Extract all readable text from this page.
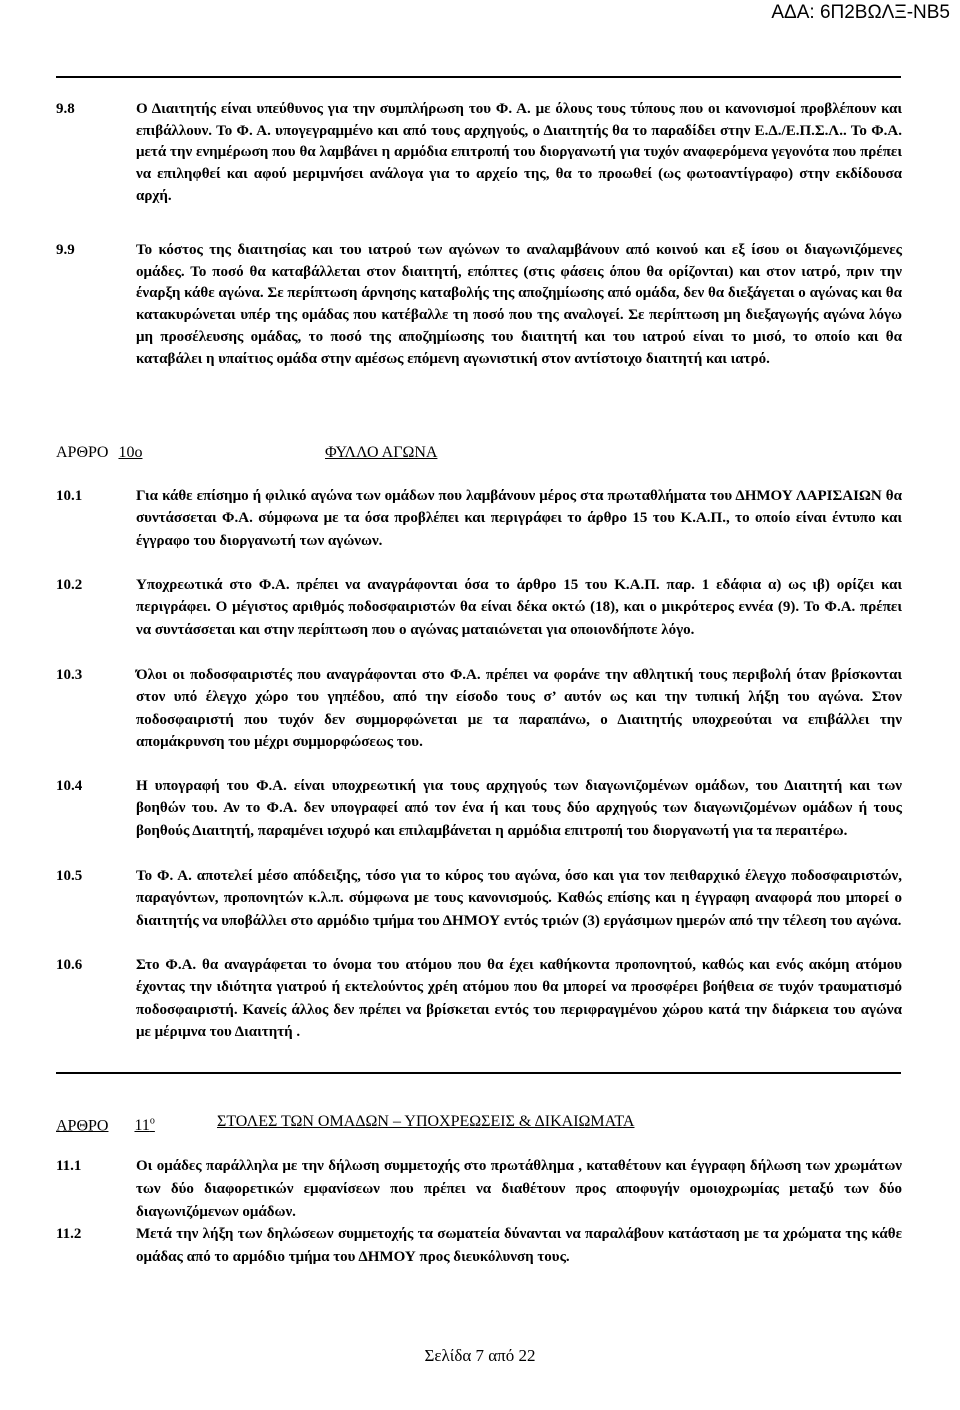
ΑΔΑ: 6Π2ΒΩΛΞ-ΝΒ5
9.8	Ο Διαιτητής είναι υπεύθυνος για την συμπλήρωση του Φ. Α. με όλους τους τύπους που οι κανονισμοί προβλέπουν και επιβάλλουν. Το Φ. Α. υπογεγραμμένο και από τους αρχηγούς, ο Διαιτητής θα το παραδίδει στην Ε.Δ./Ε.Π.Σ.Λ.. Το Φ.Α. μετά την ενημέρωση που θα λαμβάνει η αρμόδια επιτροπή του διοργανωτή για τυχόν αναφερόμενα γεγονότα που πρέπει να επιληφθεί και αφού μεριμνήσει ανάλογα για το αρχείο της, θα το προωθεί (ως φωτοαντίγραφο) στην εκδίδουσα αρχή.
9.9	Το κόστος της διαιτησίας και του ιατρού των αγώνων το αναλαμβάνουν από κοινού και εξ ίσου οι διαγωνιζόμενες ομάδες. Το ποσό θα καταβάλλεται στον διαιτητή, επόπτες (στις φάσεις όπου θα ορίζονται) και στον ιατρό, πριν την έναρξη κάθε αγώνα. Σε περίπτωση άρνησης καταβολής της αποζημίωσης από ομάδα, δεν θα διεξάγεται ο αγώνας και θα κατακυρώνεται υπέρ της ομάδας που κατέβαλλε τη ποσό που της αναλογεί. Σε περίπτωση μη διεξαγωγής αγώνα λόγω μη προσέλευσης ομάδας, το ποσό της αποζημίωσης του διαιτητή και του ιατρού είναι το μισό, το οποίο και θα καταβάλει η υπαίτιος ομάδα στην αμέσως επόμενη αγωνιστική στον αντίστοιχο διαιτητή και ιατρό.
ΑΡΘΡΟ 10ο	ΦΥΛΛΟ ΑΓΩΝΑ
10.1	Για κάθε επίσημο ή φιλικό αγώνα των ομάδων που λαμβάνουν μέρος στα πρωταθλήματα του ΔΗΜΟΥ ΛΑΡΙΣΑΙΩΝ θα συντάσσεται Φ.Α. σύμφωνα με τα όσα προβλέπει και περιγράφει το άρθρο 15 του Κ.Α.Π., το οποίο είναι έντυπο και έγγραφο του διοργανωτή των αγώνων.
10.2	Υποχρεωτικά στο Φ.Α. πρέπει να αναγράφονται όσα το άρθρο 15 του Κ.Α.Π. παρ. 1 εδάφια α) ως ιβ) ορίζει και περιγράφει. Ο μέγιστος αριθμός ποδοσφαιριστών θα είναι δέκα οκτώ (18), και ο μικρότερος εννέα (9). Το Φ.Α. πρέπει να συντάσσεται και στην περίπτωση που ο αγώνας ματαιώνεται για οποιονδήποτε λόγο.
10.3	Όλοι οι ποδοσφαιριστές που αναγράφονται στο Φ.Α. πρέπει να φοράνε την αθλητική τους περιβολή όταν βρίσκονται στον υπό έλεγχο χώρο του γηπέδου, από την είσοδο τους σ’ αυτόν ως και την τυπική λήξη του αγώνα. Στον ποδοσφαιριστή που τυχόν δεν συμμορφώνεται με τα παραπάνω, ο Διαιτητής υποχρεούται να επιβάλλει την απομάκρυνση του μέχρι συμμορφώσεως του.
10.4	Η υπογραφή του Φ.Α. είναι υποχρεωτική για τους αρχηγούς των διαγωνιζομένων ομάδων, του Διαιτητή και των βοηθών του. Αν το Φ.Α. δεν υπογραφεί από τον ένα ή και τους δύο αρχηγούς των διαγωνιζομένων ομάδων ή τους βοηθούς Διαιτητή, παραμένει ισχυρό και επιλαμβάνεται η αρμόδια επιτροπή του διοργανωτή για τα περαιτέρω.
10.5	Το Φ. Α. αποτελεί μέσο απόδειξης, τόσο για το κύρος του αγώνα, όσο και για τον πειθαρχικό έλεγχο ποδοσφαιριστών, παραγόντων, προπονητών κ.λ.π. σύμφωνα με τους κανονισμούς. Καθώς επίσης και η έγγραφη αναφορά που μπορεί ο διαιτητής να υποβάλλει στο αρμόδιο τμήμα του ΔΗΜΟΥ εντός τριών (3) εργάσιμων ημερών από την τέλεση του αγώνα.
10.6	Στο Φ.Α. θα αναγράφεται το όνομα του ατόμου που θα έχει καθήκοντα προπονητού, καθώς και ενός ακόμη ατόμου έχοντας την ιδιότητα γιατρού ή εκτελούντος χρέη ατόμου που θα μπορεί να προσφέρει βοήθεια σε τυχόν τραυματισμό ποδοσφαιριστή. Κανείς άλλος δεν πρέπει να βρίσκεται εντός του περιφραγμένου χώρου κατά την διάρκεια του αγώνα με μέριμνα του Διαιτητή .
ΑΡΘΡΟ $11^o$	ΣΤΟΛΕΣ ΤΩΝ ΟΜΑΔΩΝ – ΥΠΟΧΡΕΩΣΕΙΣ & ΔΙΚΑΙΩΜΑΤΑ
11.1	Οι ομάδες παράλληλα με την δήλωση συμμετοχής στο πρωτάθλημα , καταθέτουν και έγγραφη δήλωση των χρωμάτων των δύο διαφορετικών εμφανίσεων που πρέπει να διαθέτουν προς αποφυγήν ομοιοχρωμίας μεταξύ των δύο διαγωνιζόμενων ομάδων.
11.2	Μετά την λήξη των δηλώσεων συμμετοχής τα σωματεία δύνανται να παραλάβουν κατάσταση με τα χρώματα της κάθε ομάδας από το αρμόδιο τμήμα του ΔΗΜΟΥ προς διευκόλυνση τους.
Σελίδα 7 από 22
